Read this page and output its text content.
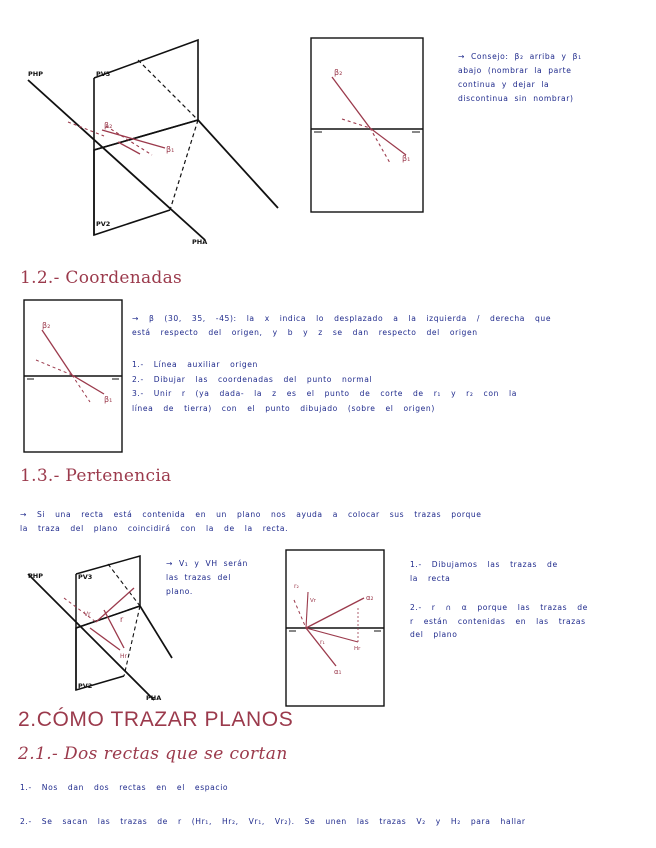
PHP	PV3
PV2
PHA
β₂
β₁
β₂
β₁
→ Consejo: β₂ arriba y β₁
abajo (nombrar la parte
continua y dejar la
discontinua sin nombrar)
1.2.- Coordenadas
β₂
β₁
→ β (30, 35, -45): la x indica lo desplazado a la izquierda / derecha que
está respecto del origen, y b y z se dan respecto del origen
1.- Línea auxiliar origen
2.- Dibujar las coordenadas del punto normal
3.- Unir r (ya dada- la z es el punto de corte de r₁ y r₂ con la
línea de tierra) con el punto dibujado (sobre el origen)
1.3.- Pertenencia
→ Si una recta está contenida en un plano nos ayuda a colocar sus trazas porque
la traza del plano coincidirá con la de la recta.
PHP	PV3
PV2
PHA
r
Vr
Hr
→ V₁ y VH serán
las trazas del
plano.
α₂
α₁
r₂
r₁
Vr
Hr
1.- Dibujamos las trazas de
la recta
2.- r ∩ α porque las trazas de
r están contenidas en las trazas
del plano
2.CÓMO TRAZAR PLANOS
2.1.- Dos rectas que se cortan
1.- Nos dan dos rectas en el espacio
2.- Se sacan las trazas de r (Hr₁, Hr₂, Vr₁, Vr₂). Se unen las trazas V₂ y H₂ para hallar
